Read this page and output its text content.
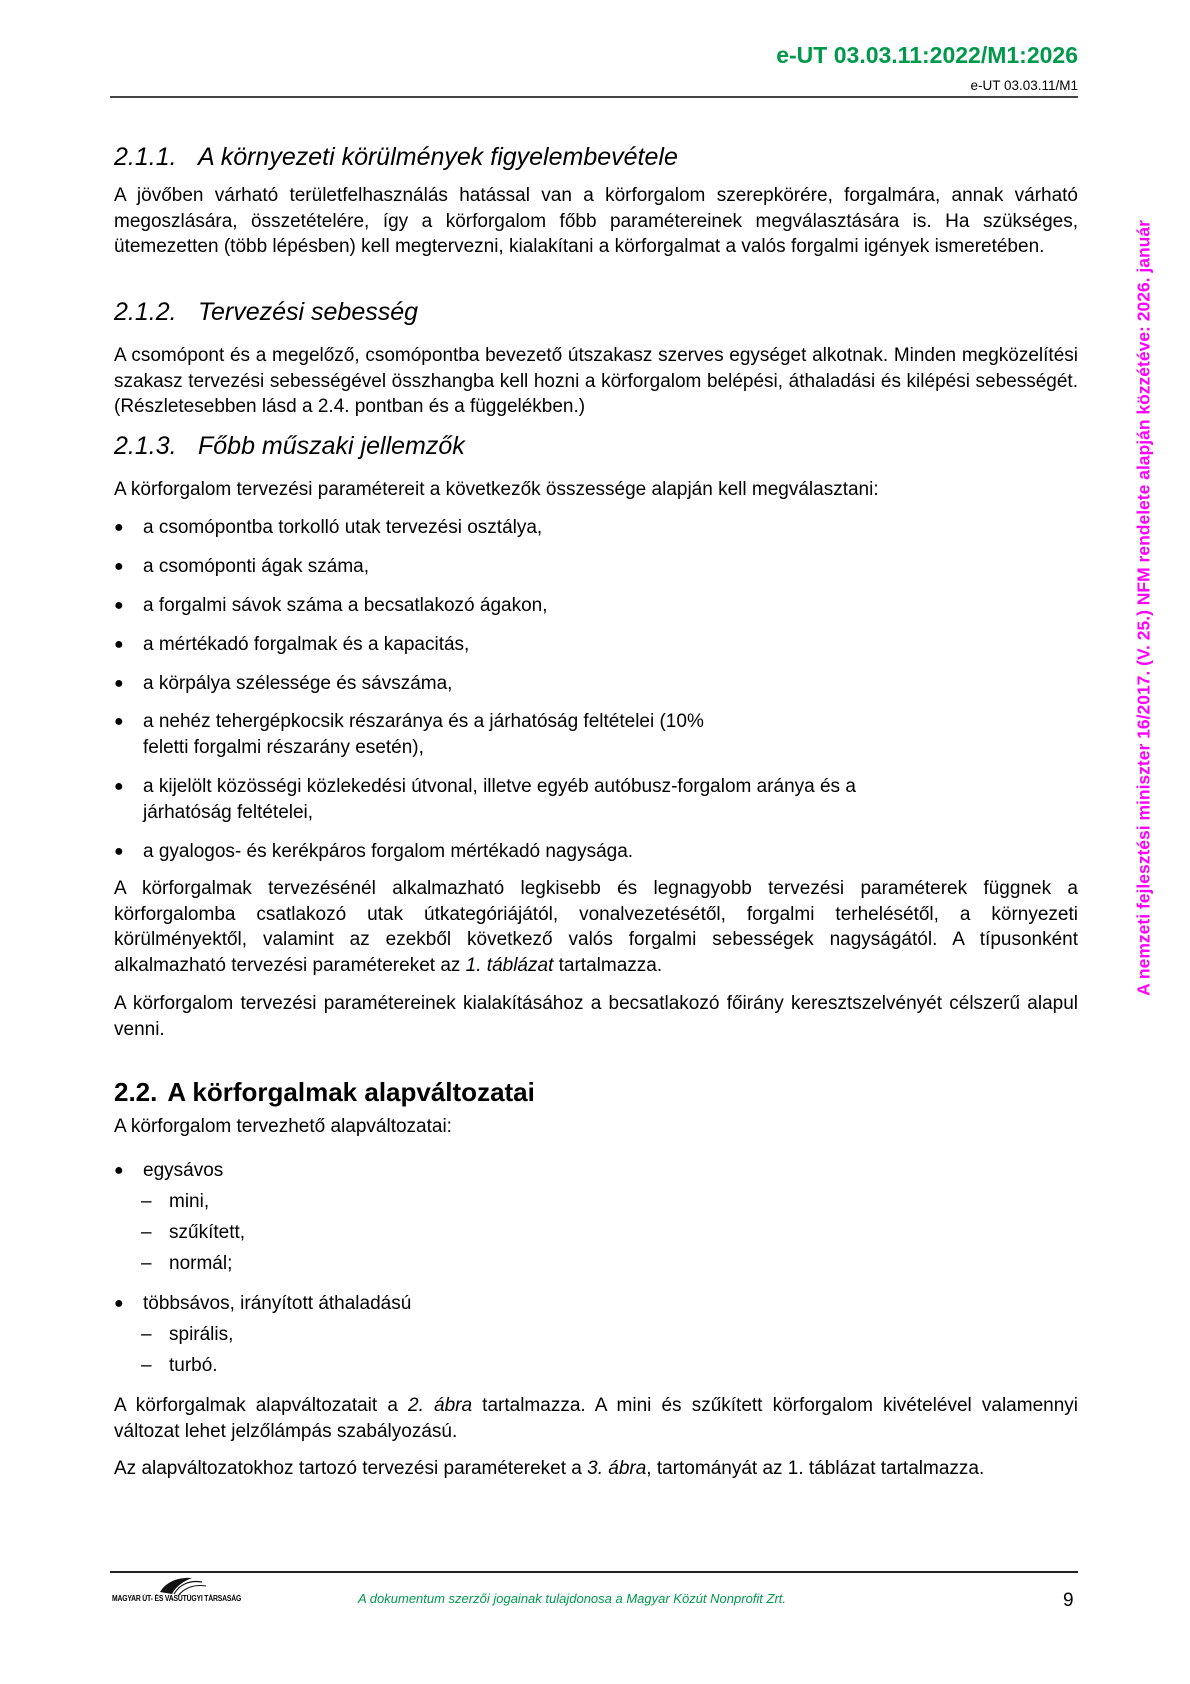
e-UT 03.03.11:2022/M1:2026
e-UT 03.03.11/M1
A nemzeti fejlesztési miniszter 16/2017. (V. 25.) NFM rendelete alapján közzétéve: 2026. január
2.1.1. A környezeti körülmények figyelembevétele
A jövőben várható területfelhasználás hatással van a körforgalom szerepkörére, forgalmára, annak várható megoszlására, összetételére, így a körforgalom főbb paramétereinek megválasztására is. Ha szükséges, ütemezetten (több lépésben) kell megtervezni, kialakítani a körforgalmat a valós forgalmi igények ismeretében.
2.1.2. Tervezési sebesség
A csomópont és a megelőző, csomópontba bevezető útszakasz szerves egységet alkotnak. Minden megközelítési szakasz tervezési sebességével összhangba kell hozni a körforgalom belépési, áthaladási és kilépési sebességét. (Részletesebben lásd a 2.4. pontban és a függelékben.)
2.1.3. Főbb műszaki jellemzők
A körforgalom tervezési paramétereit a következők összessége alapján kell megválasztani:
● a csomópontba torkolló utak tervezési osztálya,
● a csomóponti ágak száma,
● a forgalmi sávok száma a becsatlakozó ágakon,
● a mértékadó forgalmak és a kapacitás,
● a körpálya szélessége és sávszáma,
● a nehéz tehergépkocsik részaránya és a járhatóság feltételei (10% feletti forgalmi részarány esetén),
● a kijelölt közösségi közlekedési útvonal, illetve egyéb autóbusz-forgalom aránya és a járhatóság feltételei,
● a gyalogos- és kerékpáros forgalom mértékadó nagysága.
A körforgalmak tervezésénél alkalmazható legkisebb és legnagyobb tervezési paraméterek függnek a körforgalomba csatlakozó utak útkategóriájától, vonalvezetésétől, forgalmi terhelésétől, a környezeti körülményektől, valamint az ezekből következő valós forgalmi sebességek nagyságától. A típusonként alkalmazható tervezési paramétereket az 1. táblázat tartalmazza.
A körforgalom tervezési paramétereinek kialakításához a becsatlakozó főirány keresztszelvényét célszerű alapul venni.
2.2. A körforgalmak alapváltozatai
A körforgalom tervezhető alapváltozatai:
● egysávos
– mini,
– szűkített,
– normál;
● többsávos, irányított áthaladású
– spirális,
– turbó.
A körforgalmak alapváltozatait a 2. ábra tartalmazza. A mini és szűkített körforgalom kivételével valamennyi változat lehet jelzőlámpás szabályozású.
Az alapváltozatokhoz tartozó tervezési paramétereket a 3. ábra, tartományát az 1. táblázat tartalmazza.
MAGYAR ÚT- ÉS VASÚTÜGYI TÁRSASÁG	A dokumentum szerzői jogainak tulajdonosa a Magyar Közút Nonprofit Zrt.	9
